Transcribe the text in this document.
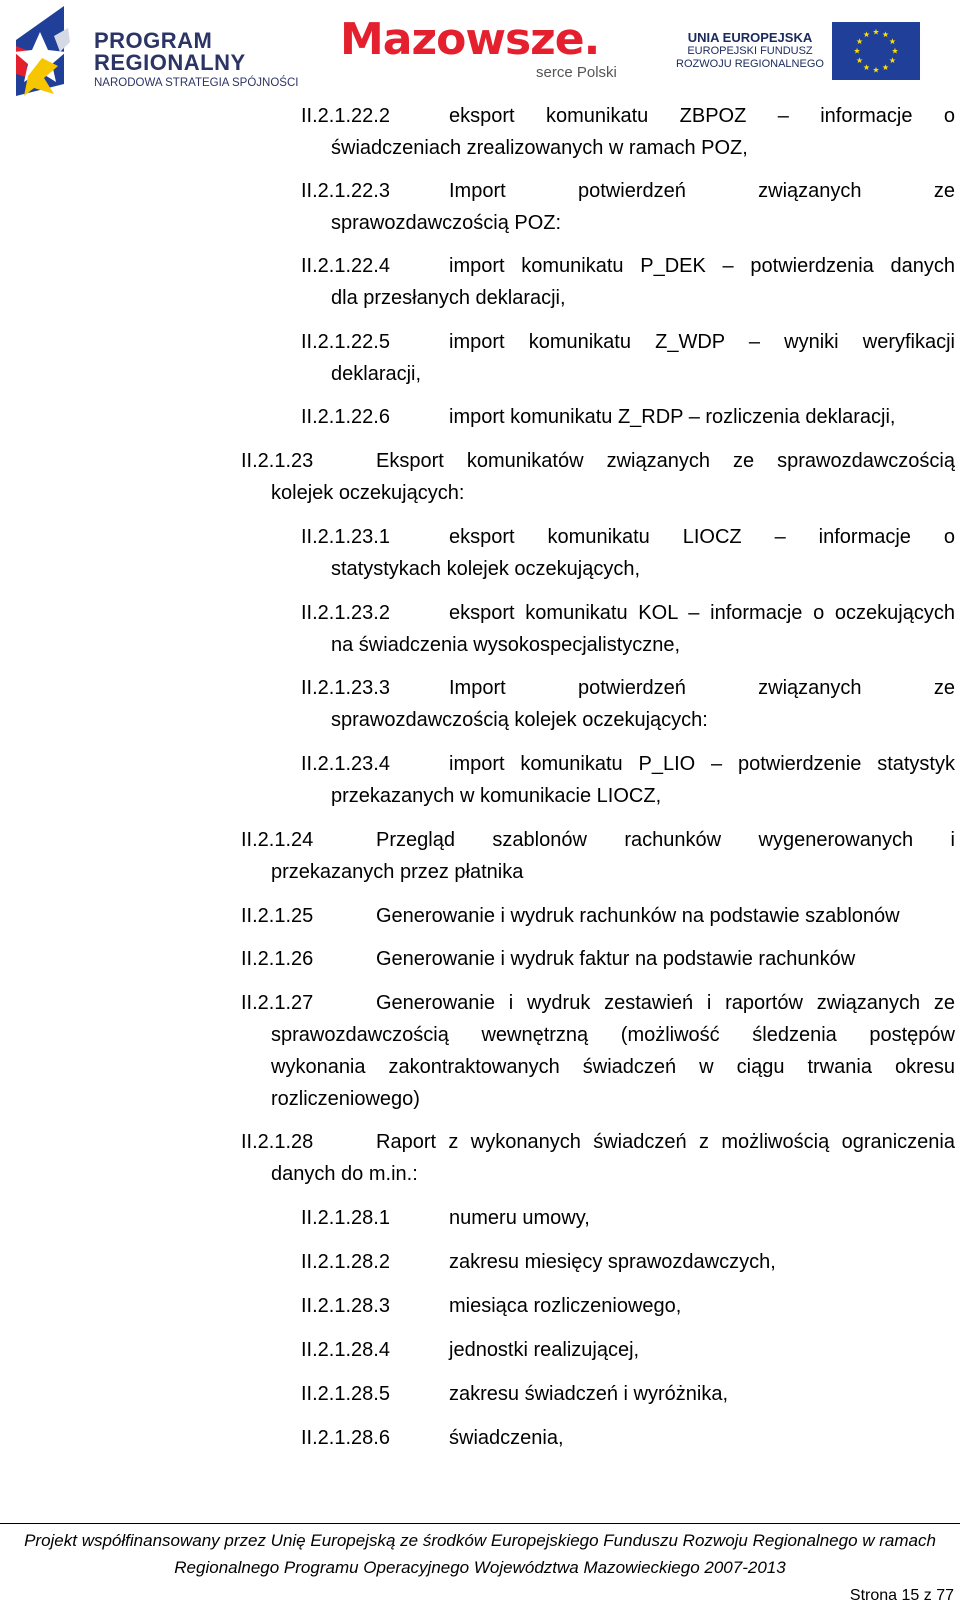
PROGRAM
REGIONALNY
NARODOWA STRATEGIA SPÓJNOŚCI
Mazowsze.
serce Polski
UNIA EUROPEJSKA
EUROPEJSKI FUNDUSZ
ROZWOJU REGIONALNEGO
II.2.1.22.2	eksport komunikatu ZBPOZ – informacje o
świadczeniach zrealizowanych w ramach POZ,
II.2.1.22.3	Import potwierdzeń związanych ze
sprawozdawczością POZ:
II.2.1.22.4	import komunikatu P_DEK – potwierdzenia danych
dla przesłanych deklaracji,
II.2.1.22.5	import komunikatu Z_WDP – wyniki weryfikacji
deklaracji,
II.2.1.22.6	import komunikatu Z_RDP – rozliczenia deklaracji,
II.2.1.23	Eksport komunikatów związanych ze sprawozdawczością
kolejek oczekujących:
II.2.1.23.1	eksport komunikatu LIOCZ – informacje o
statystykach kolejek oczekujących,
II.2.1.23.2	eksport komunikatu KOL – informacje o oczekujących
na świadczenia wysokospecjalistyczne,
II.2.1.23.3	Import potwierdzeń związanych ze
sprawozdawczością kolejek oczekujących:
II.2.1.23.4	import komunikatu P_LIO – potwierdzenie statystyk
przekazanych w komunikacie LIOCZ,
II.2.1.24	Przegląd szablonów rachunków wygenerowanych i
przekazanych przez płatnika
II.2.1.25	Generowanie i wydruk rachunków na podstawie szablonów
II.2.1.26	Generowanie i wydruk faktur na podstawie rachunków
II.2.1.27	Generowanie i wydruk zestawień i raportów związanych ze
sprawozdawczością wewnętrzną (możliwość śledzenia postępów
wykonania zakontraktowanych świadczeń w ciągu trwania okresu
rozliczeniowego)
II.2.1.28	Raport z wykonanych świadczeń z możliwością ograniczenia
danych do m.in.:
II.2.1.28.1	numeru umowy,
II.2.1.28.2	zakresu miesięcy sprawozdawczych,
II.2.1.28.3	miesiąca rozliczeniowego,
II.2.1.28.4	jednostki realizującej,
II.2.1.28.5	zakresu świadczeń i wyróżnika,
II.2.1.28.6	świadczenia,
Projekt współfinansowany przez Unię Europejską ze środków Europejskiego Funduszu Rozwoju Regionalnego w ramach
Regionalnego Programu Operacyjnego Województwa Mazowieckiego 2007-2013
Strona 15 z 77
